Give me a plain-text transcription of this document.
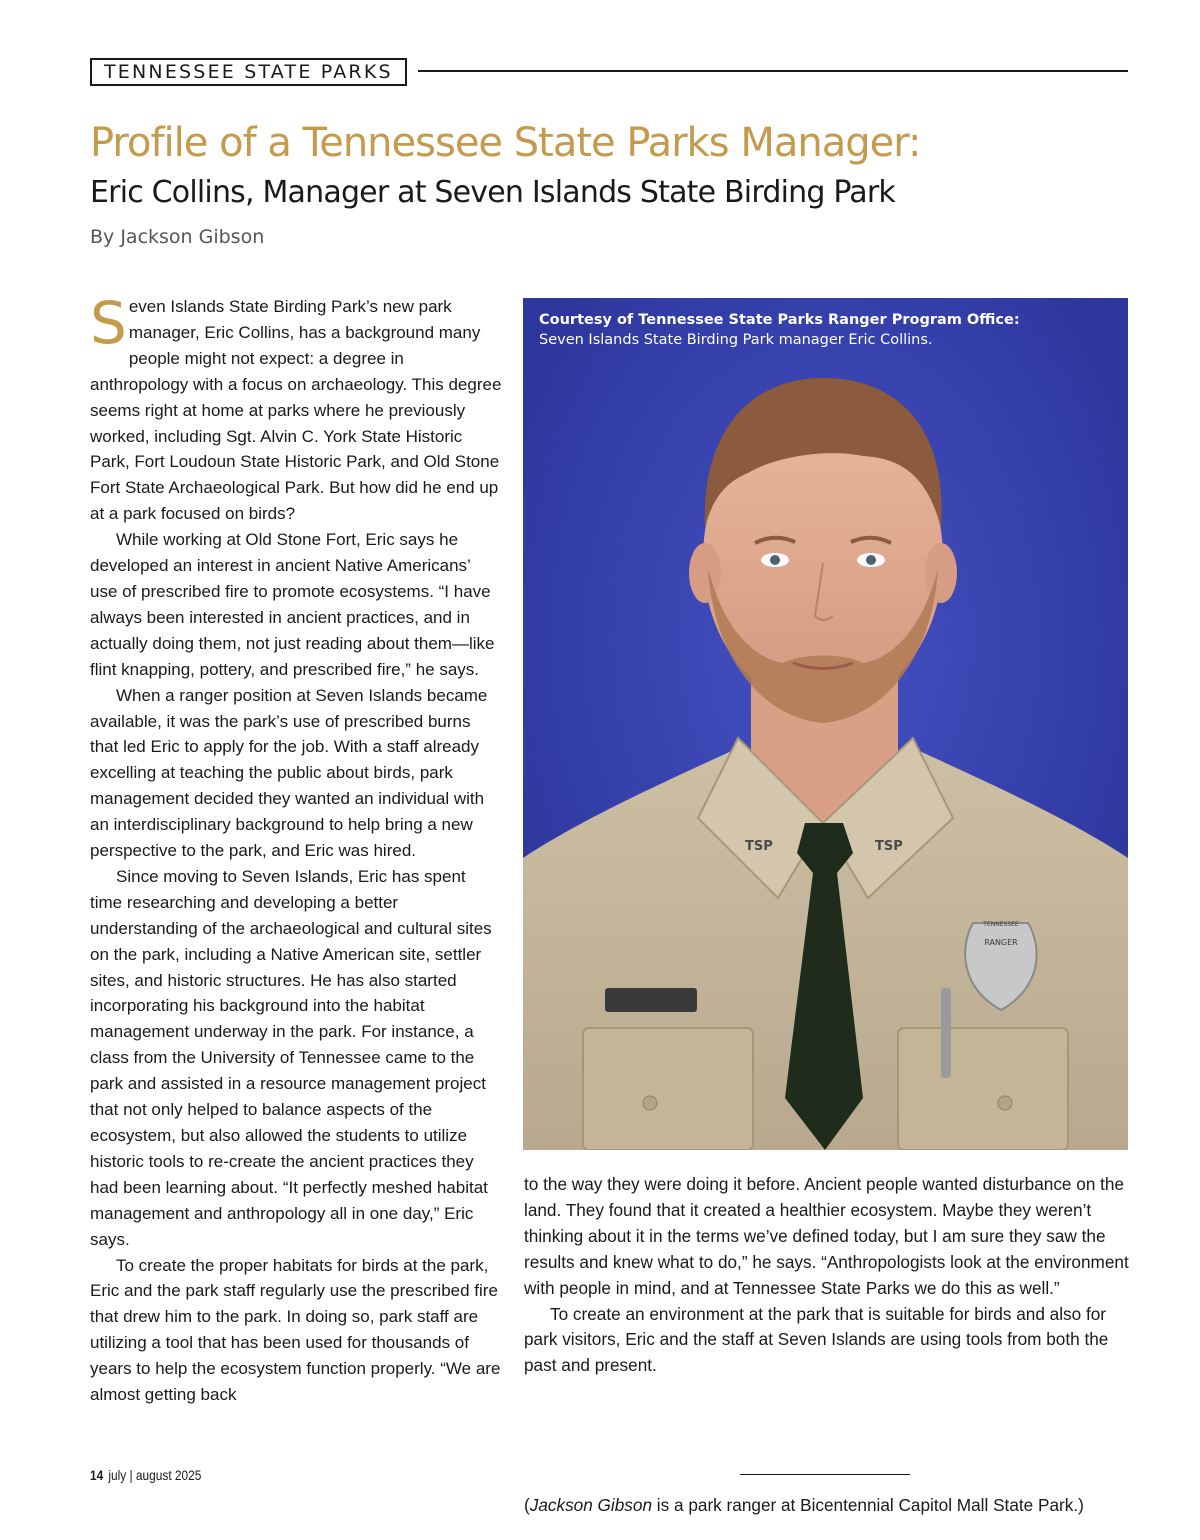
TENNESSEE STATE PARKS
Profile of a Tennessee State Parks Manager:
Eric Collins, Manager at Seven Islands State Birding Park
By Jackson Gibson

Seven Islands State Birding Park’s new park manager, Eric Collins, has a background many people might not expect: a degree in anthropology with a focus on archaeology. This degree seems right at home at parks where he previously worked, including Sgt. Alvin C. York State Historic Park, Fort Loudoun State Historic Park, and Old Stone Fort State Archaeological Park. But how did he end up at a park focused on birds?

While working at Old Stone Fort, Eric says he developed an interest in ancient Native Americans’ use of prescribed fire to promote ecosystems. “I have always been interested in ancient practices, and in actually doing them, not just reading about them—like flint knapping, pottery, and prescribed fire,” he says.

When a ranger position at Seven Islands became available, it was the park’s use of prescribed burns that led Eric to apply for the job. With a staff already excelling at teaching the public about birds, park management decided they wanted an individual with an interdisciplinary background to help bring a new perspective to the park, and Eric was hired.

Since moving to Seven Islands, Eric has spent time researching and developing a better understanding of the archaeological and cultural sites on the park, including a Native American site, settler sites, and historic structures. He has also started incorporating his background into the habitat management underway in the park. For instance, a class from the University of Tennessee came to the park and assisted in a resource management project that not only helped to balance aspects of the ecosystem, but also allowed the students to utilize historic tools to re-create the ancient practices they had been learning about. “It perfectly meshed habitat management and anthropology all in one day,” Eric says.

To create the proper habitats for birds at the park, Eric and the park staff regularly use the prescribed fire that drew him to the park. In doing so, park staff are utilizing a tool that has been used for thousands of years to help the ecosystem function properly. “We are almost getting back

TSP	TSP
TENNESSEE
RANGER
Courtesy of Tennessee State Parks Ranger Program Office:
Seven Islands State Birding Park manager Eric Collins.

to the way they were doing it before. Ancient people wanted disturbance on the land. They found that it created a healthier ecosystem. Maybe they weren’t thinking about it in the terms we’ve defined today, but I am sure they saw the results and knew what to do,” he says. “Anthropologists look at the environment with people in mind, and at Tennessee State Parks we do this as well.”

To create an environment at the park that is suitable for birds and also for park visitors, Eric and the staff at Seven Islands are using tools from both the past and present.

(Jackson Gibson is a park ranger at Bicentennial Capitol Mall State Park.)
14 july | august 2025
